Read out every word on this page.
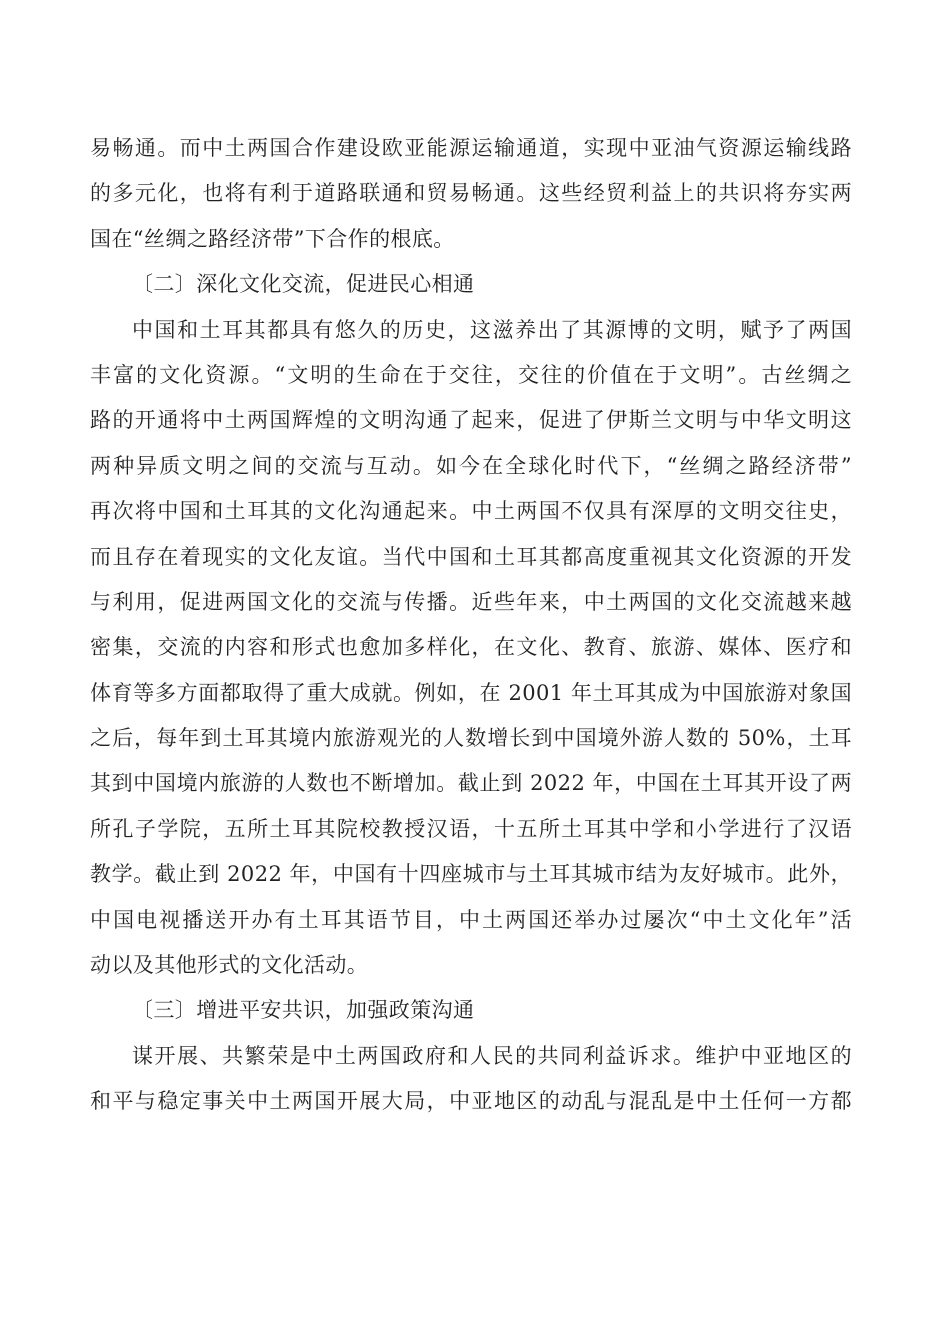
易畅通。而中土两国合作建设欧亚能源运输通道，实现中亚油气资源运输线路
的多元化，也将有利于道路联通和贸易畅通。这些经贸利益上的共识将夯实两
国在“丝绸之路经济带”下合作的根底。
〔二〕深化文化交流，促进民心相通
中国和土耳其都具有悠久的历史，这滋养出了其源博的文明，赋予了两国
丰富的文化资源。“文明的生命在于交往，交往的价值在于文明”。古丝绸之
路的开通将中土两国辉煌的文明沟通了起来，促进了伊斯兰文明与中华文明这
两种异质文明之间的交流与互动。如今在全球化时代下，“丝绸之路经济带”
再次将中国和土耳其的文化沟通起来。中土两国不仅具有深厚的文明交往史，
而且存在着现实的文化友谊。当代中国和土耳其都高度重视其文化资源的开发
与利用，促进两国文化的交流与传播。近些年来，中土两国的文化交流越来越
密集，交流的内容和形式也愈加多样化，在文化、教育、旅游、媒体、医疗和
体育等多方面都取得了重大成就。例如，在 2001 年土耳其成为中国旅游对象国
之后，每年到土耳其境内旅游观光的人数增长到中国境外游人数的 50%，土耳
其到中国境内旅游的人数也不断增加。截止到 2022 年，中国在土耳其开设了两
所孔子学院，五所土耳其院校教授汉语，十五所土耳其中学和小学进行了汉语
教学。截止到 2022 年，中国有十四座城市与土耳其城市结为友好城市。此外，
中国电视播送开办有土耳其语节目，中土两国还举办过屡次“中土文化年”活
动以及其他形式的文化活动。
〔三〕增进平安共识，加强政策沟通
谋开展、共繁荣是中土两国政府和人民的共同利益诉求。维护中亚地区的
和平与稳定事关中土两国开展大局，中亚地区的动乱与混乱是中土任何一方都
